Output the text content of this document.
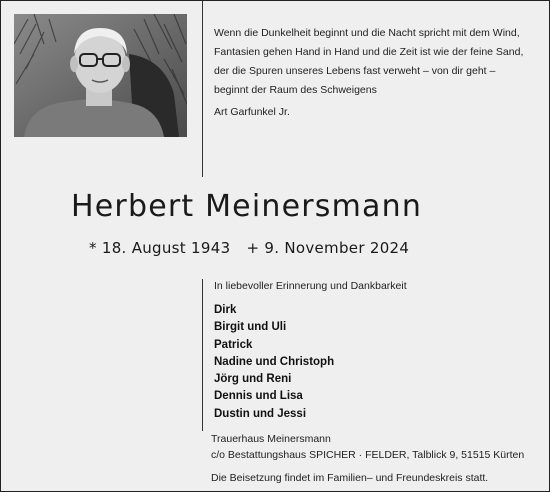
Wenn die Dunkelheit beginnt und die Nacht spricht mit dem Wind,

Fantasien gehen Hand in Hand und die Zeit ist wie der feine Sand,

der die Spuren unseres Lebens fast verweht – von dir geht –

beginnt der Raum des Schweigens

Art Garfunkel Jr.
Herbert Meinersmann
* 18. August 1943 + 9. November 2024
In liebevoller Erinnerung und Dankbarkeit
Dirk
Birgit und Uli
Patrick
Nadine und Christoph
Jörg und Reni
Dennis und Lisa
Dustin und Jessi
Trauerhaus Meinersmann
c/o Bestattungshaus SPICHER · FELDER, Talblick 9, 51515 Kürten
Die Beisetzung findet im Familien– und Freundeskreis statt.
